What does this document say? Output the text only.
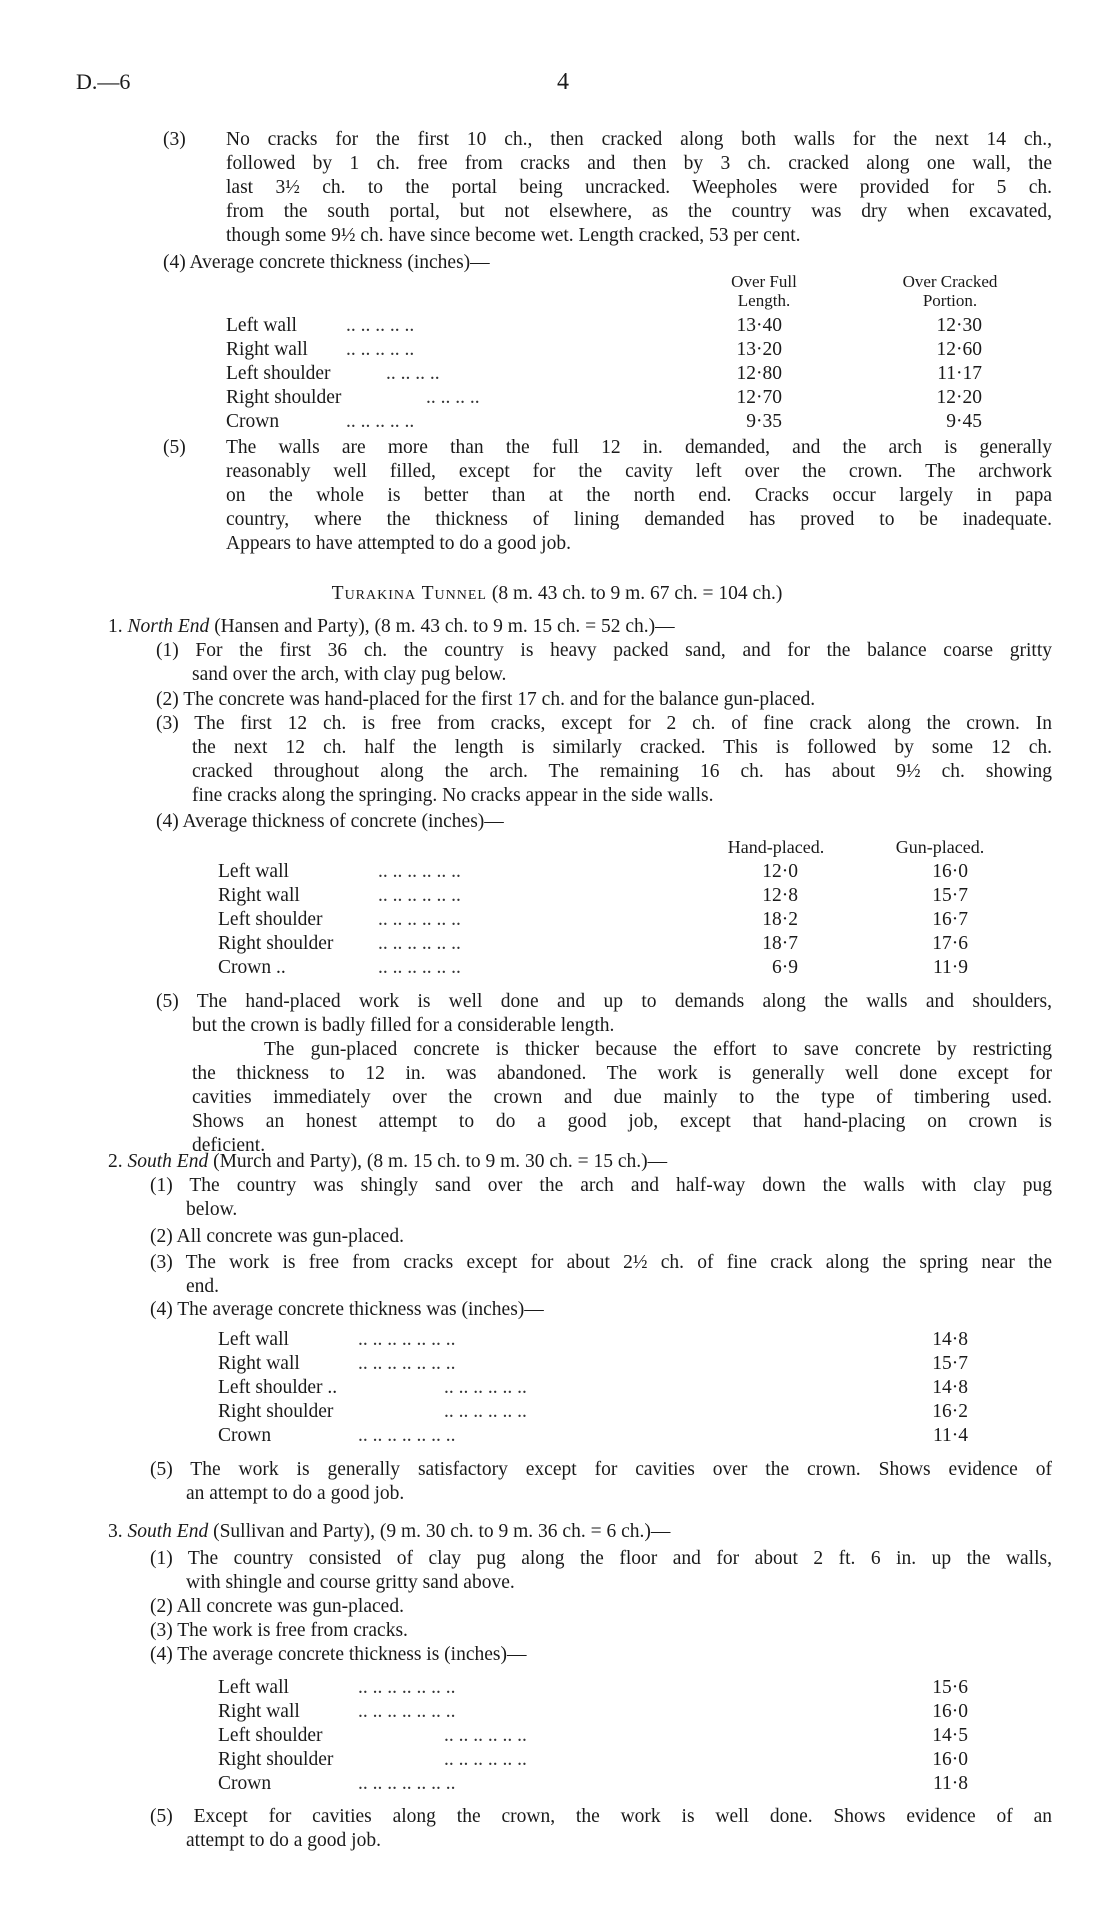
D.—6	4
(3) No cracks for the first 10 ch., then cracked along both walls for the next 14 ch.,
followed by 1 ch. free from cracks and then by 3 ch. cracked along one wall, the
last 3½ ch. to the portal being uncracked. Weepholes were provided for 5 ch.
from the south portal, but not elsewhere, as the country was dry when excavated,
though some 9½ ch. have since become wet. Length cracked, 53 per cent.
(4) Average concrete thickness (inches)—
Over Full
Length.
Over Cracked
Portion.
Left wall	.. .. .. .. ..	13·40	12·30
Right wall .. .. .. .. ..	13·20	12·60
Left shoulder	.. .. .. ..	12·80	11·17
Right shoulder	.. .. .. ..	12·70	12·20
Crown	.. .. .. .. ..	9·35	9·45
(5) The walls are more than the full 12 in. demanded, and the arch is generally
reasonably well filled, except for the cavity left over the crown. The archwork
on the whole is better than at the north end. Cracks occur largely in papa
country, where the thickness of lining demanded has proved to be inadequate.
Appears to have attempted to do a good job.
Turakina Tunnel (8 m. 43 ch. to 9 m. 67 ch. = 104 ch.)
1. North End (Hansen and Party), (8 m. 43 ch. to 9 m. 15 ch. = 52 ch.)—
(1) For the first 36 ch. the country is heavy packed sand, and for the balance coarse gritty
sand over the arch, with clay pug below.
(2) The concrete was hand-placed for the first 17 ch. and for the balance gun-placed.
(3) The first 12 ch. is free from cracks, except for 2 ch. of fine crack along the crown. In
the next 12 ch. half the length is similarly cracked. This is followed by some 12 ch.
cracked throughout along the arch. The remaining 16 ch. has about 9½ ch. showing
fine cracks along the springing. No cracks appear in the side walls.
(4) Average thickness of concrete (inches)—
Hand-placed.	Gun-placed.
Left wall	.. .. .. .. .. ..	12·0	16·0
Right wall	.. .. .. .. .. ..	12·8	15·7
Left shoulder	.. .. .. .. .. ..	18·2	16·7
Right shoulder .. .. .. .. .. ..	18·7	17·6
Crown ..	.. .. .. .. .. ..	6·9	11·9
(5) The hand-placed work is well done and up to demands along the walls and shoulders,
but the crown is badly filled for a considerable length.
The gun-placed concrete is thicker because the effort to save concrete by restricting
the thickness to 12 in. was abandoned. The work is generally well done except for
cavities immediately over the crown and due mainly to the type of timbering used.
Shows an honest attempt to do a good job, except that hand-placing on crown is
deficient.
2. South End (Murch and Party), (8 m. 15 ch. to 9 m. 30 ch. = 15 ch.)—
(1) The country was shingly sand over the arch and half-way down the walls with clay pug
below.
(2) All concrete was gun-placed.
(3) The work is free from cracks except for about 2½ ch. of fine crack along the spring near the
end.
(4) The average concrete thickness was (inches)—
Left wall	.. .. .. .. .. .. ..	14·8
Right wall	.. .. .. .. .. .. ..	15·7
Left shoulder ..	.. .. .. .. .. ..	14·8
Right shoulder	.. .. .. .. .. ..	16·2
Crown	.. .. .. .. .. .. ..	11·4
(5) The work is generally satisfactory except for cavities over the crown. Shows evidence of
an attempt to do a good job.
3. South End (Sullivan and Party), (9 m. 30 ch. to 9 m. 36 ch. = 6 ch.)—
(1) The country consisted of clay pug along the floor and for about 2 ft. 6 in. up the walls,
with shingle and course gritty sand above.
(2) All concrete was gun-placed.
(3) The work is free from cracks.
(4) The average concrete thickness is (inches)—
Left wall	.. .. .. .. .. .. ..	15·6
Right wall	.. .. .. .. .. .. ..	16·0
Left shoulder	.. .. .. .. .. ..	14·5
Right shoulder	.. .. .. .. .. ..	16·0
Crown	.. .. .. .. .. .. ..	11·8
(5) Except for cavities along the crown, the work is well done. Shows evidence of an
attempt to do a good job.
